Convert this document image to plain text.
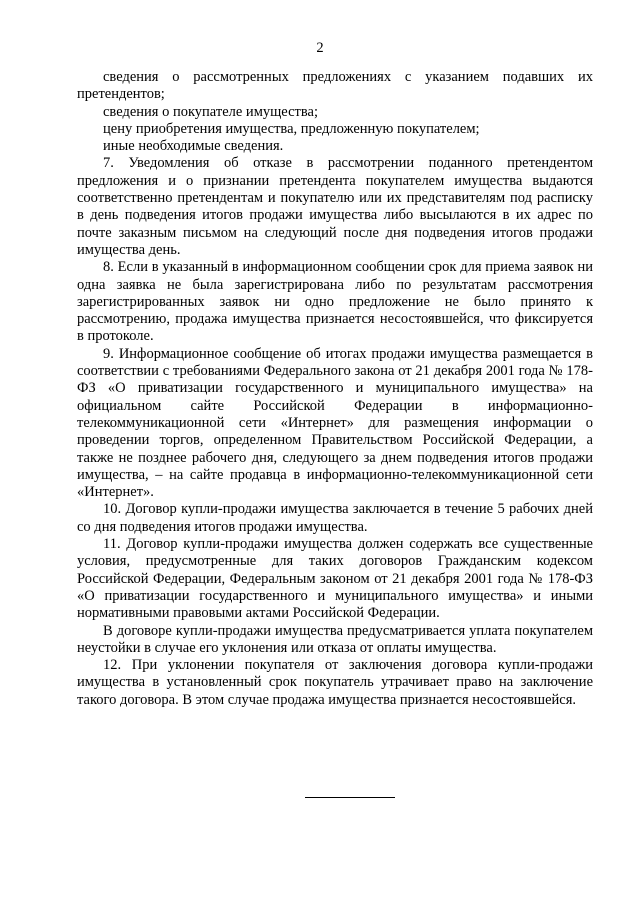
2

сведения о рассмотренных предложениях с указанием подавших их претендентов;

сведения о покупателе имущества;

цену приобретения имущества, предложенную покупателем;

иные необходимые сведения.

7. Уведомления об отказе в рассмотрении поданного претендентом предложения и о признании претендента покупателем имущества выдаются соответственно претендентам и покупателю или их представителям под расписку в день подведения итогов продажи имущества либо высылаются в их адрес по почте заказным письмом на следующий после дня подведения итогов продажи имущества день.

8. Если в указанный в информационном сообщении срок для приема заявок ни одна заявка не была зарегистрирована либо по результатам рассмотрения зарегистрированных заявок ни одно предложение не было принято к рассмотрению, продажа имущества признается несостоявшейся, что фиксируется в протоколе.

9. Информационное сообщение об итогах продажи имущества размещается в соответствии с требованиями Федерального закона от 21 декабря 2001 года № 178-ФЗ «О приватизации государственного и муниципального имущества» на официальном сайте Российской Федерации в информационно-телекоммуникационной сети «Интернет» для размещения информации о проведении торгов, определенном Правительством Российской Федерации, а также не позднее рабочего дня, следующего за днем подведения итогов продажи имущества, – на сайте продавца в информационно-телекоммуникационной сети «Интернет».

10. Договор купли-продажи имущества заключается в течение 5 рабочих дней со дня подведения итогов продажи имущества.

11. Договор купли-продажи имущества должен содержать все существенные условия, предусмотренные для таких договоров Гражданским кодексом Российской Федерации, Федеральным законом от 21 декабря 2001 года № 178-ФЗ «О приватизации государственного и муниципального имущества» и иными нормативными правовыми актами Российской Федерации.

В договоре купли-продажи имущества предусматривается уплата покупателем неустойки в случае его уклонения или отказа от оплаты имущества.

12. При уклонении покупателя от заключения договора купли-продажи имущества в установленный срок покупатель утрачивает право на заключение такого договора. В этом случае продажа имущества признается несостоявшейся.
